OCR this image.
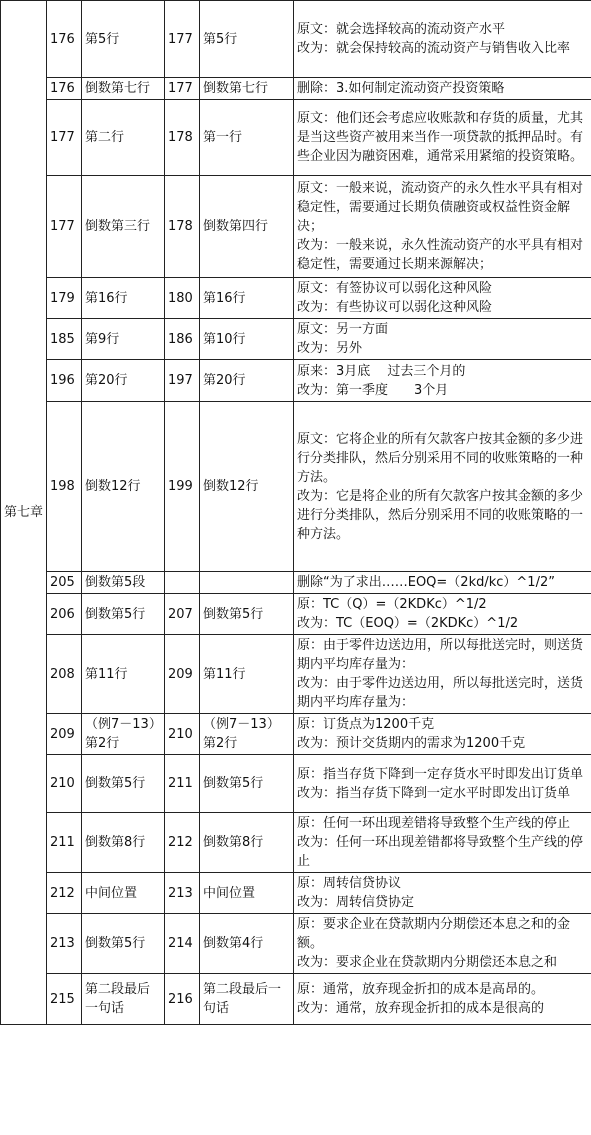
第七章	176	第5行	177	第5行	原文：就会选择较高的流动资产水平
改为：就会保持较高的流动资产与销售收入比率

	176	倒数第七行	177	倒数第七行	删除：3.如何制定流动资产投资策略

	177	第二行	178	第一行	原文：他们还会考虑应收账款和存货的质量，尤其是当这些资产被用来当作一项贷款的抵押品时。有些企业因为融资困难，通常采用紧缩的投资策略。

	177	倒数第三行	178	倒数第四行	原文：一般来说，流动资产的永久性水平具有相对稳定性，需要通过长期负债融资或权益性资金解决；
改为：一般来说，永久性流动资产的水平具有相对稳定性，需要通过长期来源解决；

	179	第16行	180	第16行	原文：有签协议可以弱化这种风险
改为：有些协议可以弱化这种风险

	185	第9行	186	第10行	原文：另一方面
改为：另外

	196	第20行	197	第20行	原来：3月底　 过去三个月的
改为：第一季度　　3个月

	198	倒数12行	199	倒数12行	原文：它将企业的所有欠款客户按其金额的多少进行分类排队，然后分别采用不同的收账策略的一种方法。
改为：它是将企业的所有欠款客户按其金额的多少进行分类排队，然后分别采用不同的收账策略的一种方法。

	205	倒数第5段			删除“为了求出……EOQ=（2kd/kc）^1/2”

	206	倒数第5行	207	倒数第5行	原：TC（Q）=（2KDKc）^1/2
改为：TC（EOQ）=（2KDKc）^1/2

	208	第11行	209	第11行	原：由于零件边送边用，所以每批送完时，则送货期内平均库存量为：
改为：由于零件边送边用，所以每批送完时，送货期内平均库存量为：

	209	（例7－13）第2行	210	（例7－13）第2行	原：订货点为1200千克
改为：预计交货期内的需求为1200千克

	210	倒数第5行	211	倒数第5行	原：指当存货下降到一定存货水平时即发出订货单
改为：指当存货下降到一定水平时即发出订货单

	211	倒数第8行	212	倒数第8行	原：任何一环出现差错将导致整个生产线的停止
改为：任何一环出现差错都将导致整个生产线的停止

	212	中间位置	213	中间位置	原：周转信贷协议
改为：周转信贷协定

	213	倒数第5行	214	倒数第4行	原：要求企业在贷款期内分期偿还本息之和的金额。
改为：要求企业在贷款期内分期偿还本息之和

	215	第二段最后一句话	216	第二段最后一句话	原：通常，放弃现金折扣的成本是高昂的。
改为：通常，放弃现金折扣的成本是很高的
